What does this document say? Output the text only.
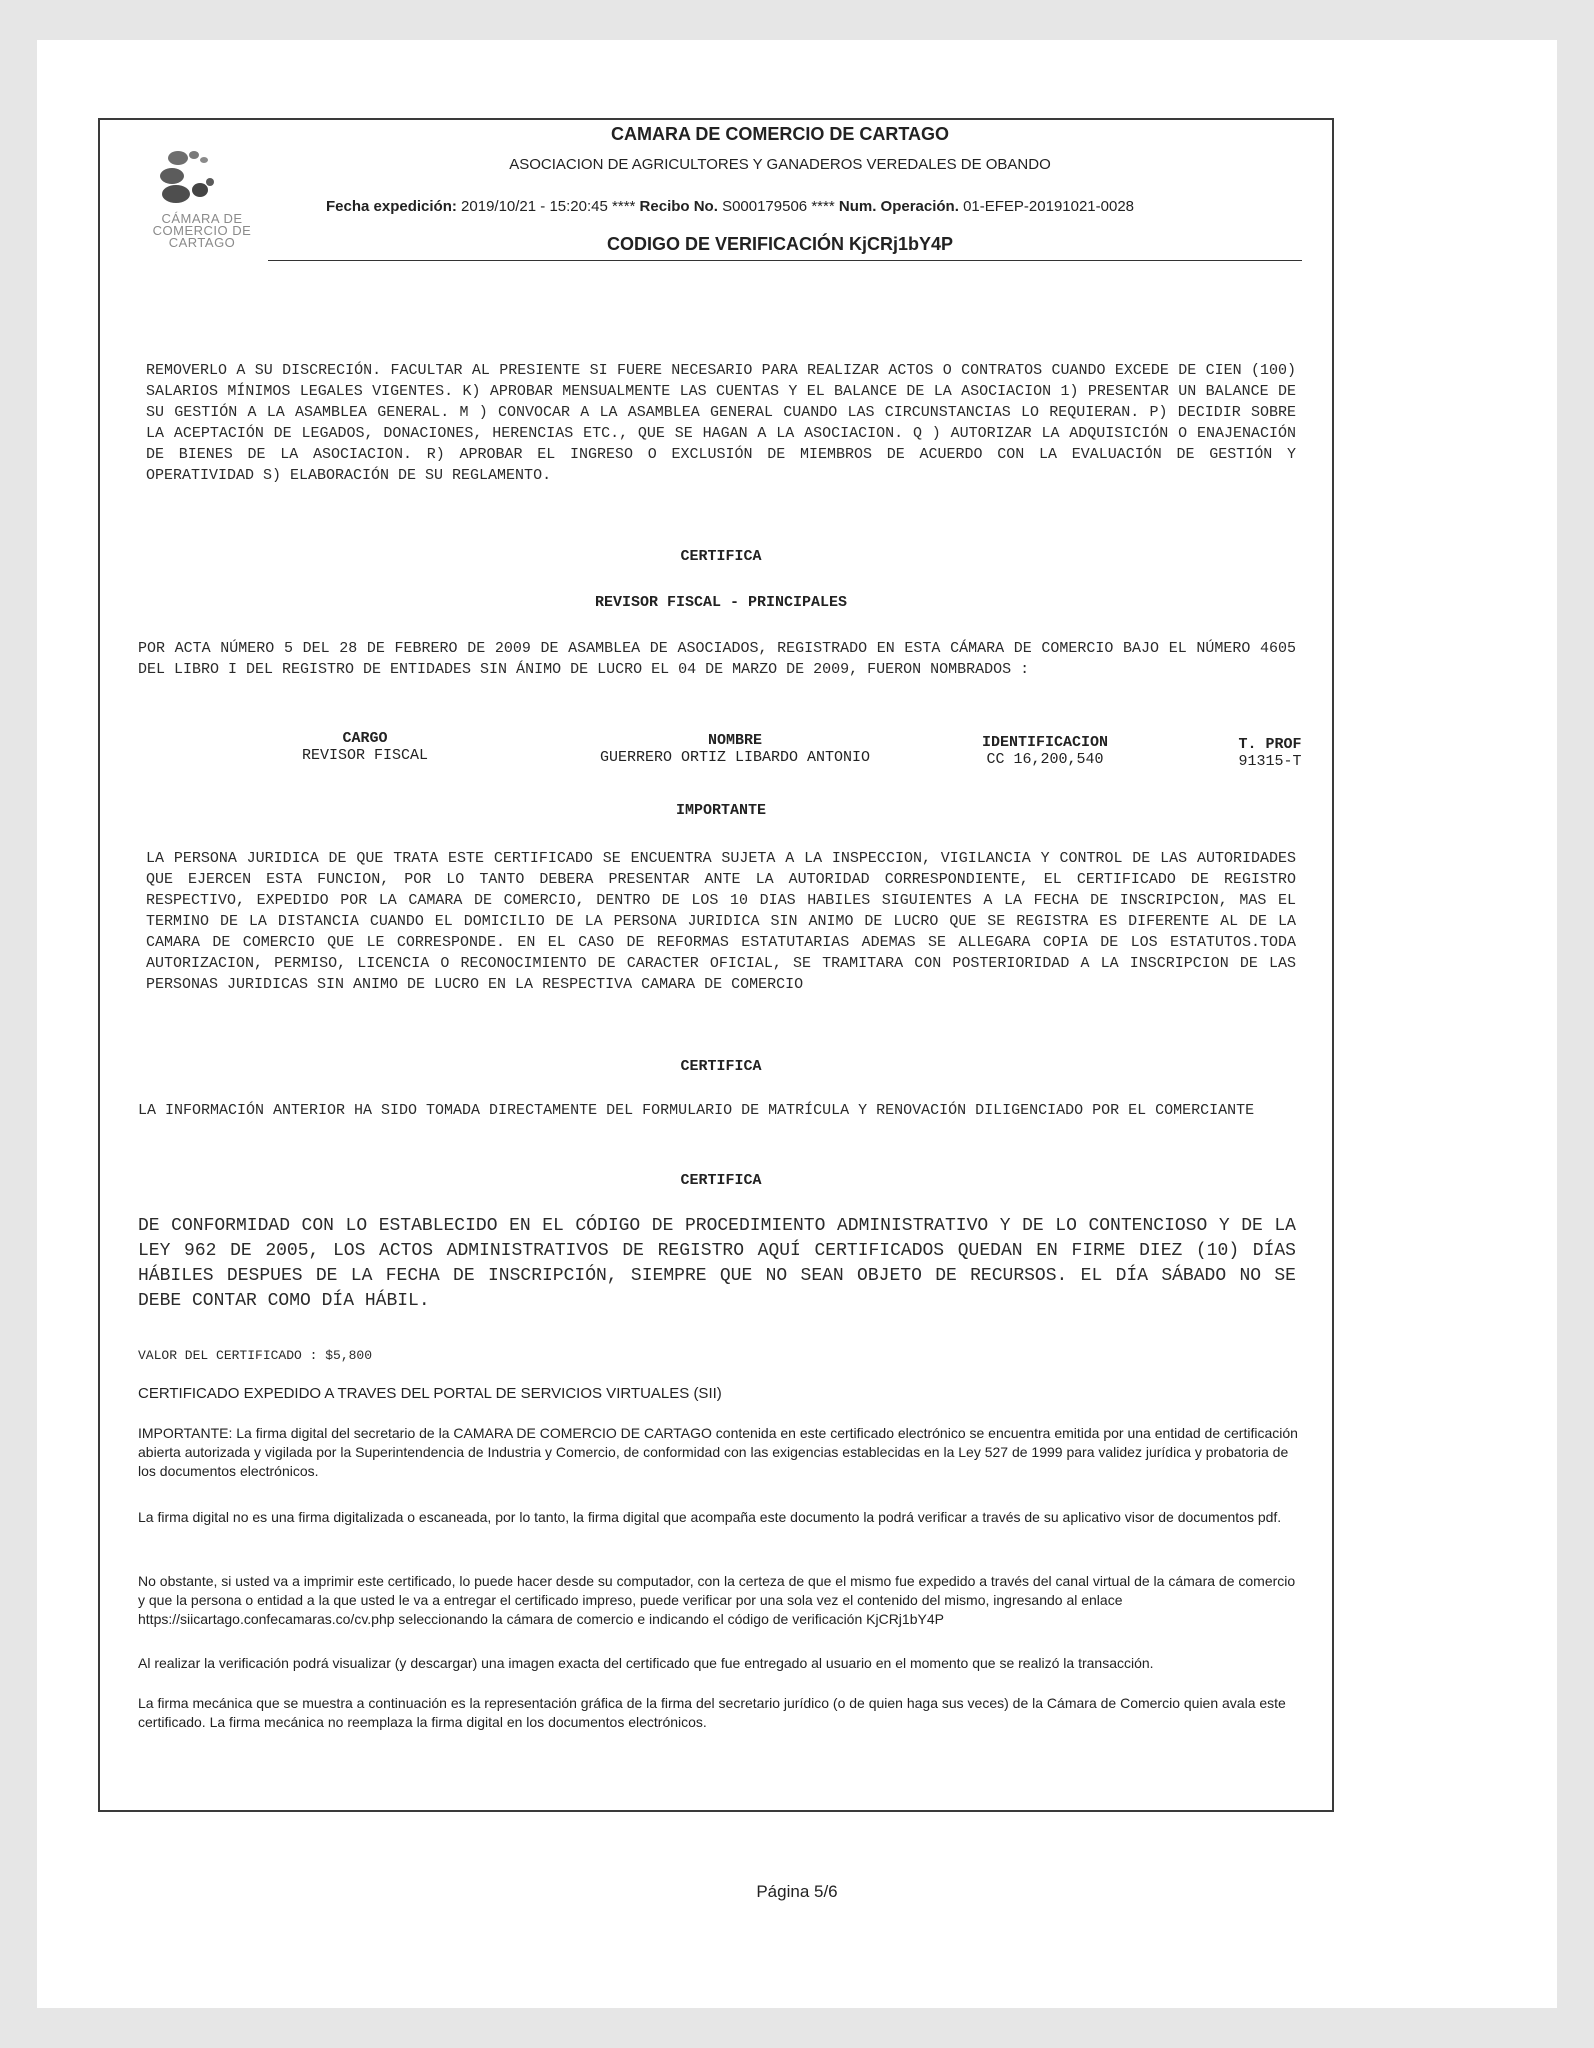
CÁMARA DE
COMERCIO DE
CARTAGO
CAMARA DE COMERCIO DE CARTAGO
ASOCIACION DE AGRICULTORES Y GANADEROS VEREDALES DE OBANDO
Fecha expedición: 2019/10/21 - 15:20:45 **** Recibo No. S000179506 **** Num. Operación. 01-EFEP-20191021-0028
CODIGO DE VERIFICACIÓN KjCRj1bY4P
REMOVERLO A SU DISCRECIÓN. FACULTAR AL PRESIENTE SI FUERE NECESARIO PARA REALIZAR ACTOS O CONTRATOS CUANDO EXCEDE DE CIEN (100) SALARIOS MÍNIMOS LEGALES VIGENTES. K) APROBAR MENSUALMENTE LAS CUENTAS Y EL BALANCE DE LA ASOCIACION 1) PRESENTAR UN BALANCE DE SU GESTIÓN A LA ASAMBLEA GENERAL. M ) CONVOCAR A LA ASAMBLEA GENERAL CUANDO LAS CIRCUNSTANCIAS LO REQUIERAN. P) DECIDIR SOBRE LA ACEPTACIÓN DE LEGADOS, DONACIONES, HERENCIAS ETC., QUE SE HAGAN A LA ASOCIACION. Q ) AUTORIZAR LA ADQUISICIÓN O ENAJENACIÓN DE BIENES DE LA ASOCIACION. R) APROBAR EL INGRESO O EXCLUSIÓN DE MIEMBROS DE ACUERDO CON LA EVALUACIÓN DE GESTIÓN Y OPERATIVIDAD S) ELABORACIÓN DE SU REGLAMENTO.
CERTIFICA
REVISOR FISCAL - PRINCIPALES
POR ACTA NÚMERO 5 DEL 28 DE FEBRERO DE 2009 DE ASAMBLEA DE ASOCIADOS, REGISTRADO EN ESTA CÁMARA DE COMERCIO BAJO EL NÚMERO 4605 DEL LIBRO I DEL REGISTRO DE ENTIDADES SIN ÁNIMO DE LUCRO EL 04 DE MARZO DE 2009, FUERON NOMBRADOS :
CARGO
REVISOR FISCAL
NOMBRE
GUERRERO ORTIZ LIBARDO ANTONIO
IDENTIFICACION
CC 16,200,540
T. PROF
91315-T
IMPORTANTE
LA PERSONA JURIDICA DE QUE TRATA ESTE CERTIFICADO SE ENCUENTRA SUJETA A LA INSPECCION, VIGILANCIA Y CONTROL DE LAS AUTORIDADES QUE EJERCEN ESTA FUNCION, POR LO TANTO DEBERA PRESENTAR ANTE LA AUTORIDAD CORRESPONDIENTE, EL CERTIFICADO DE REGISTRO RESPECTIVO, EXPEDIDO POR LA CAMARA DE COMERCIO, DENTRO DE LOS 10 DIAS HABILES SIGUIENTES A LA FECHA DE INSCRIPCION, MAS EL TERMINO DE LA DISTANCIA CUANDO EL DOMICILIO DE LA PERSONA JURIDICA SIN ANIMO DE LUCRO QUE SE REGISTRA ES DIFERENTE AL DE LA CAMARA DE COMERCIO QUE LE CORRESPONDE. EN EL CASO DE REFORMAS ESTATUTARIAS ADEMAS SE ALLEGARA COPIA DE LOS ESTATUTOS.TODA AUTORIZACION, PERMISO, LICENCIA O RECONOCIMIENTO DE CARACTER OFICIAL, SE TRAMITARA CON POSTERIORIDAD A LA INSCRIPCION DE LAS PERSONAS JURIDICAS SIN ANIMO DE LUCRO EN LA RESPECTIVA CAMARA DE COMERCIO
CERTIFICA
LA INFORMACIÓN ANTERIOR HA SIDO TOMADA DIRECTAMENTE DEL FORMULARIO DE MATRÍCULA Y RENOVACIÓN DILIGENCIADO POR EL COMERCIANTE
CERTIFICA
DE CONFORMIDAD CON LO ESTABLECIDO EN EL CÓDIGO DE PROCEDIMIENTO ADMINISTRATIVO Y DE LO CONTENCIOSO Y DE LA LEY 962 DE 2005, LOS ACTOS ADMINISTRATIVOS DE REGISTRO AQUÍ CERTIFICADOS QUEDAN EN FIRME DIEZ (10) DÍAS HÁBILES DESPUES DE LA FECHA DE INSCRIPCIÓN, SIEMPRE QUE NO SEAN OBJETO DE RECURSOS. EL DÍA SÁBADO NO SE DEBE CONTAR COMO DÍA HÁBIL.
VALOR DEL CERTIFICADO : $5,800
CERTIFICADO EXPEDIDO A TRAVES DEL PORTAL DE SERVICIOS VIRTUALES (SII)
IMPORTANTE: La firma digital del secretario de la CAMARA DE COMERCIO DE CARTAGO contenida en este certificado electrónico se encuentra emitida por una entidad de certificación abierta autorizada y vigilada por la Superintendencia de Industria y Comercio, de conformidad con las exigencias establecidas en la Ley 527 de 1999 para validez jurídica y probatoria de los documentos electrónicos.
La firma digital no es una firma digitalizada o escaneada, por lo tanto, la firma digital que acompaña este documento la podrá verificar a través de su aplicativo visor de documentos pdf.
No obstante, si usted va a imprimir este certificado, lo puede hacer desde su computador, con la certeza de que el mismo fue expedido a través del canal virtual de la cámara de comercio y que la persona o entidad a la que usted le va a entregar el certificado impreso, puede verificar por una sola vez el contenido del mismo, ingresando al enlace https://siicartago.confecamaras.co/cv.php seleccionando la cámara de comercio e indicando el código de verificación KjCRj1bY4P
Al realizar la verificación podrá visualizar (y descargar) una imagen exacta del certificado que fue entregado al usuario en el momento que se realizó la transacción.
La firma mecánica que se muestra a continuación es la representación gráfica de la firma del secretario jurídico (o de quien haga sus veces) de la Cámara de Comercio quien avala este certificado. La firma mecánica no reemplaza la firma digital en los documentos electrónicos.
Página 5/6
